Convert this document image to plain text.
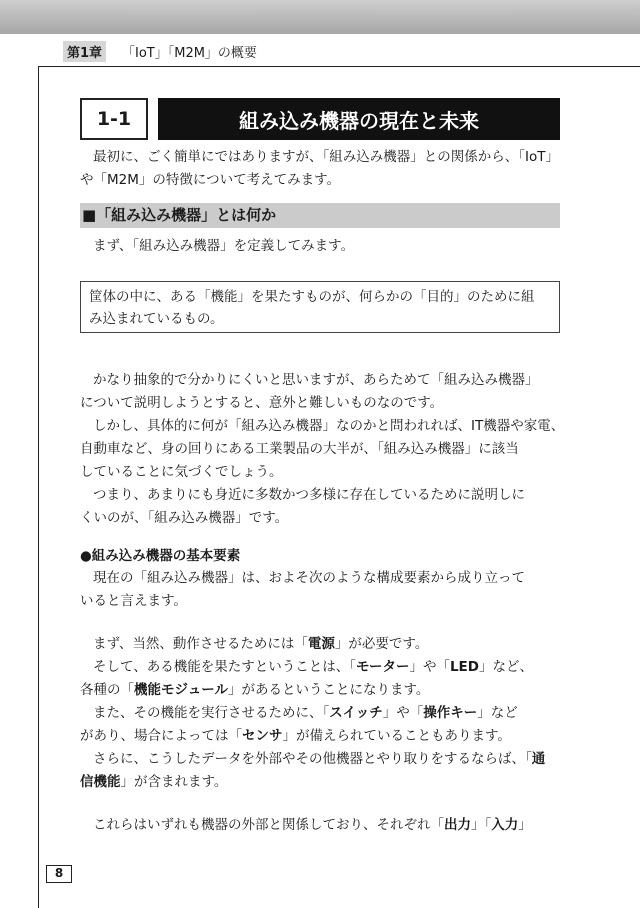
第1章	「IoT」「M2M」の概要
1-1	組み込み機器の現在と未来

最初に、ごく簡単にではありますが、「組み込み機器」との関係から、「IoT」

や「M2M」の特徴について考えてみます。

■「組み込み機器」とは何か

まず、「組み込み機器」を定義してみます。

筐体の中に、ある「機能」を果たすものが、何らかの「目的」のために組
み込まれているもの。

かなり抽象的で分かりにくいと思いますが、あらためて「組み込み機器」

について説明しようとすると、意外と難しいものなのです。

しかし、具体的に何が「組み込み機器」なのかと問われれば、IT機器や家電、

自動車など、身の回りにある工業製品の大半が、「組み込み機器」に該当

していることに気づくでしょう。

つまり、あまりにも身近に多数かつ多様に存在しているために説明しに

くいのが、「組み込み機器」です。

●組み込み機器の基本要素

現在の「組み込み機器」は、およそ次のような構成要素から成り立って

いると言えます。

まず、当然、動作させるためには「電源」が必要です。

そして、ある機能を果たすということは、「モーター」や「LED」など、

各種の「機能モジュール」があるということになります。

また、その機能を実行させるために、「スイッチ」や「操作キー」など

があり、場合によっては「センサ」が備えられていることもあります。

さらに、こうしたデータを外部やその他機器とやり取りをするならば、「通

信機能」が含まれます。

これらはいずれも機器の外部と関係しており、それぞれ「出力」「入力」

8
